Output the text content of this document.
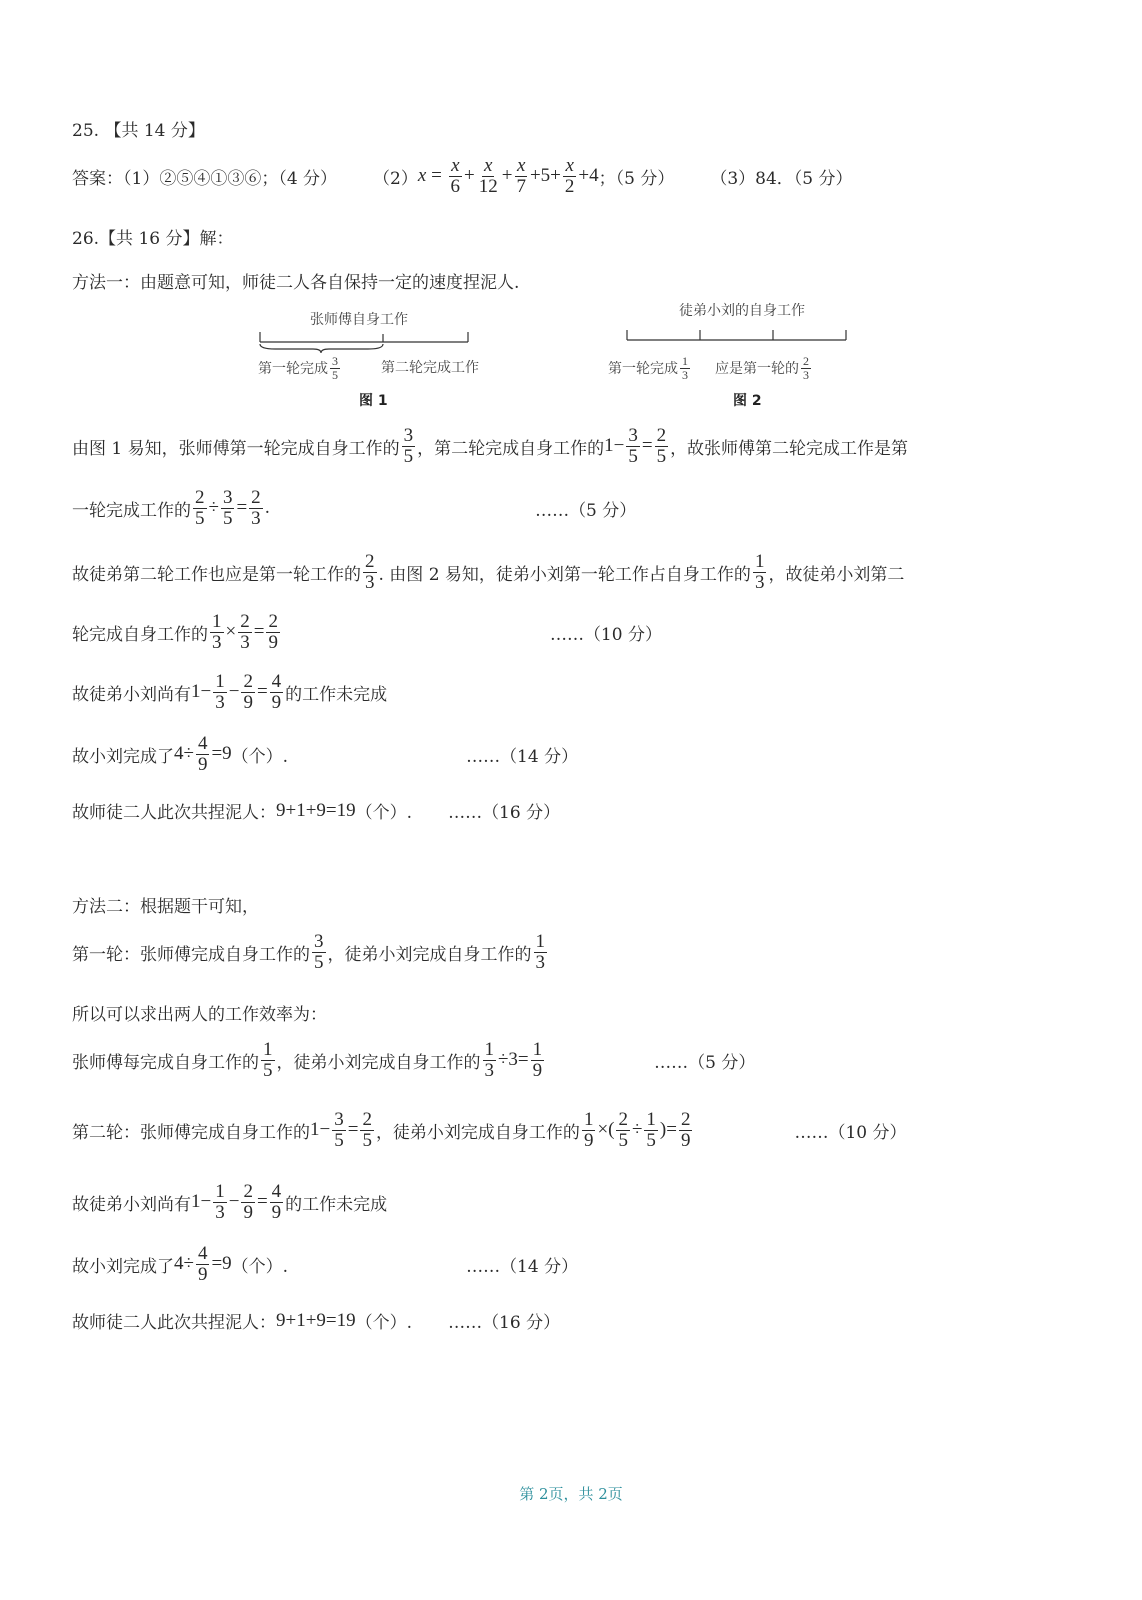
25. 【共 14 分】
答案：（1）②⑤④①③⑥；（4 分） （2） $x = \frac{x}{6} + \frac{x}{12} + \frac{x}{7} +5+ \frac{x}{2} +4$ ；（5 分） （3）84．（5 分）
26.【共 16 分】解：
方法一：由题意可知，师徒二人各自保持一定的速度捏泥人.
张师傅自身工作
第一轮完成 $\frac{3}{5}$	第二轮完成工作
图 1
徒弟小刘的自身工作
第一轮完成 $\frac{1}{3}$ 应是第一轮的 $\frac{2}{3}$
图 2
由图 1 易知，张师傅第一轮完成自身工作的 $\frac{3}{5}$ ，第二轮完成自身工作的 $1- \frac{3}{5} = \frac{2}{5}$ ，故张师傅第二轮完成工作是第
一轮完成工作的 $\frac{2}{5} \div \frac{3}{5} = \frac{2}{3}$ .	……（5 分）
故徒弟第二轮工作也应是第一轮工作的 $\frac{2}{3}$ . 由图 2 易知，徒弟小刘第一轮工作占自身工作的 $\frac{1}{3}$ ，故徒弟小刘第二
轮完成自身工作的 $\frac{1}{3} \times \frac{2}{3} = \frac{2}{9}$	……（10 分）
故徒弟小刘尚有 $1- \frac{1}{3} - \frac{2}{9} = \frac{4}{9}$ 的工作未完成
故小刘完成了 $4\div \frac{4}{9} =9$ （个）.	……（14 分）
故师徒二人此次共捏泥人： 9+1+9=19 （个）. ……（16 分）
方法二：根据题干可知，
第一轮：张师傅完成自身工作的 $\frac{3}{5}$ ，徒弟小刘完成自身工作的 $\frac{1}{3}$
所以可以求出两人的工作效率为：
张师傅每完成自身工作的 $\frac{1}{5}$ ，徒弟小刘完成自身工作的 $\frac{1}{3} \div 3= \frac{1}{9}$	……（5 分）
第二轮：张师傅完成自身工作的 $1- \frac{3}{5} = \frac{2}{5}$ ，徒弟小刘完成自身工作的 $\frac{1}{9}$ ×( $\frac{2}{5} \div \frac{1}{5}$ )= $\frac{2}{9}$	……（10 分）
故徒弟小刘尚有 $1- \frac{1}{3} - \frac{2}{9} = \frac{4}{9}$ 的工作未完成
故小刘完成了 $4\div \frac{4}{9} =9$ （个）.	……（14 分）
故师徒二人此次共捏泥人： 9+1+9=19 （个）. ……（16 分）
第 2页，共 2页
